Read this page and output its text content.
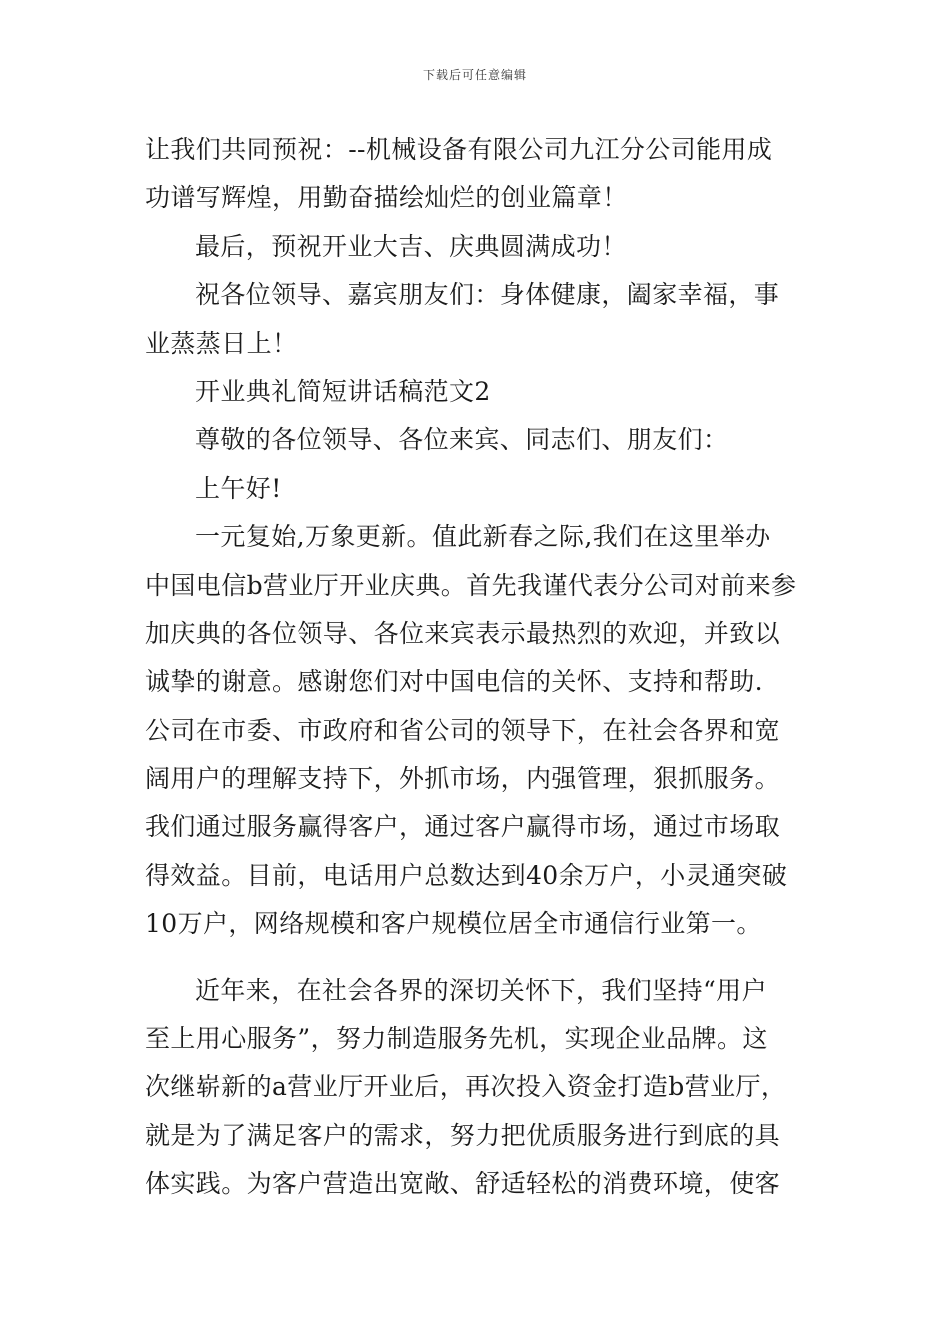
下载后可任意编辑
让我们共同预祝：--机械设备有限公司九江分公司能用成
功谱写辉煌，用勤奋描绘灿烂的创业篇章！
最后，预祝开业大吉、庆典圆满成功！
祝各位领导、嘉宾朋友们：身体健康，阖家幸福，事
业蒸蒸日上！
开业典礼简短讲话稿范文2
尊敬的各位领导、各位来宾、同志们、朋友们：
上午好!
一元复始,万象更新。值此新春之际,我们在这里举办
中国电信b营业厅开业庆典。首先我谨代表分公司对前来参
加庆典的各位领导、各位来宾表示最热烈的欢迎，并致以
诚挚的谢意。感谢您们对中国电信的关怀、支持和帮助.
公司在市委、市政府和省公司的领导下，在社会各界和宽
阔用户的理解支持下，外抓市场，内强管理，狠抓服务。
我们通过服务赢得客户，通过客户赢得市场，通过市场取
得效益。目前，电话用户总数达到40余万户，小灵通突破
10万户，网络规模和客户规模位居全市通信行业第一。
近年来，在社会各界的深切关怀下，我们坚持“用户
至上用心服务”，努力制造服务先机，实现企业品牌。这
次继崭新的a营业厅开业后，再次投入资金打造b营业厅，
就是为了满足客户的需求，努力把优质服务进行到底的具
体实践。为客户营造出宽敞、舒适轻松的消费环境，使客
